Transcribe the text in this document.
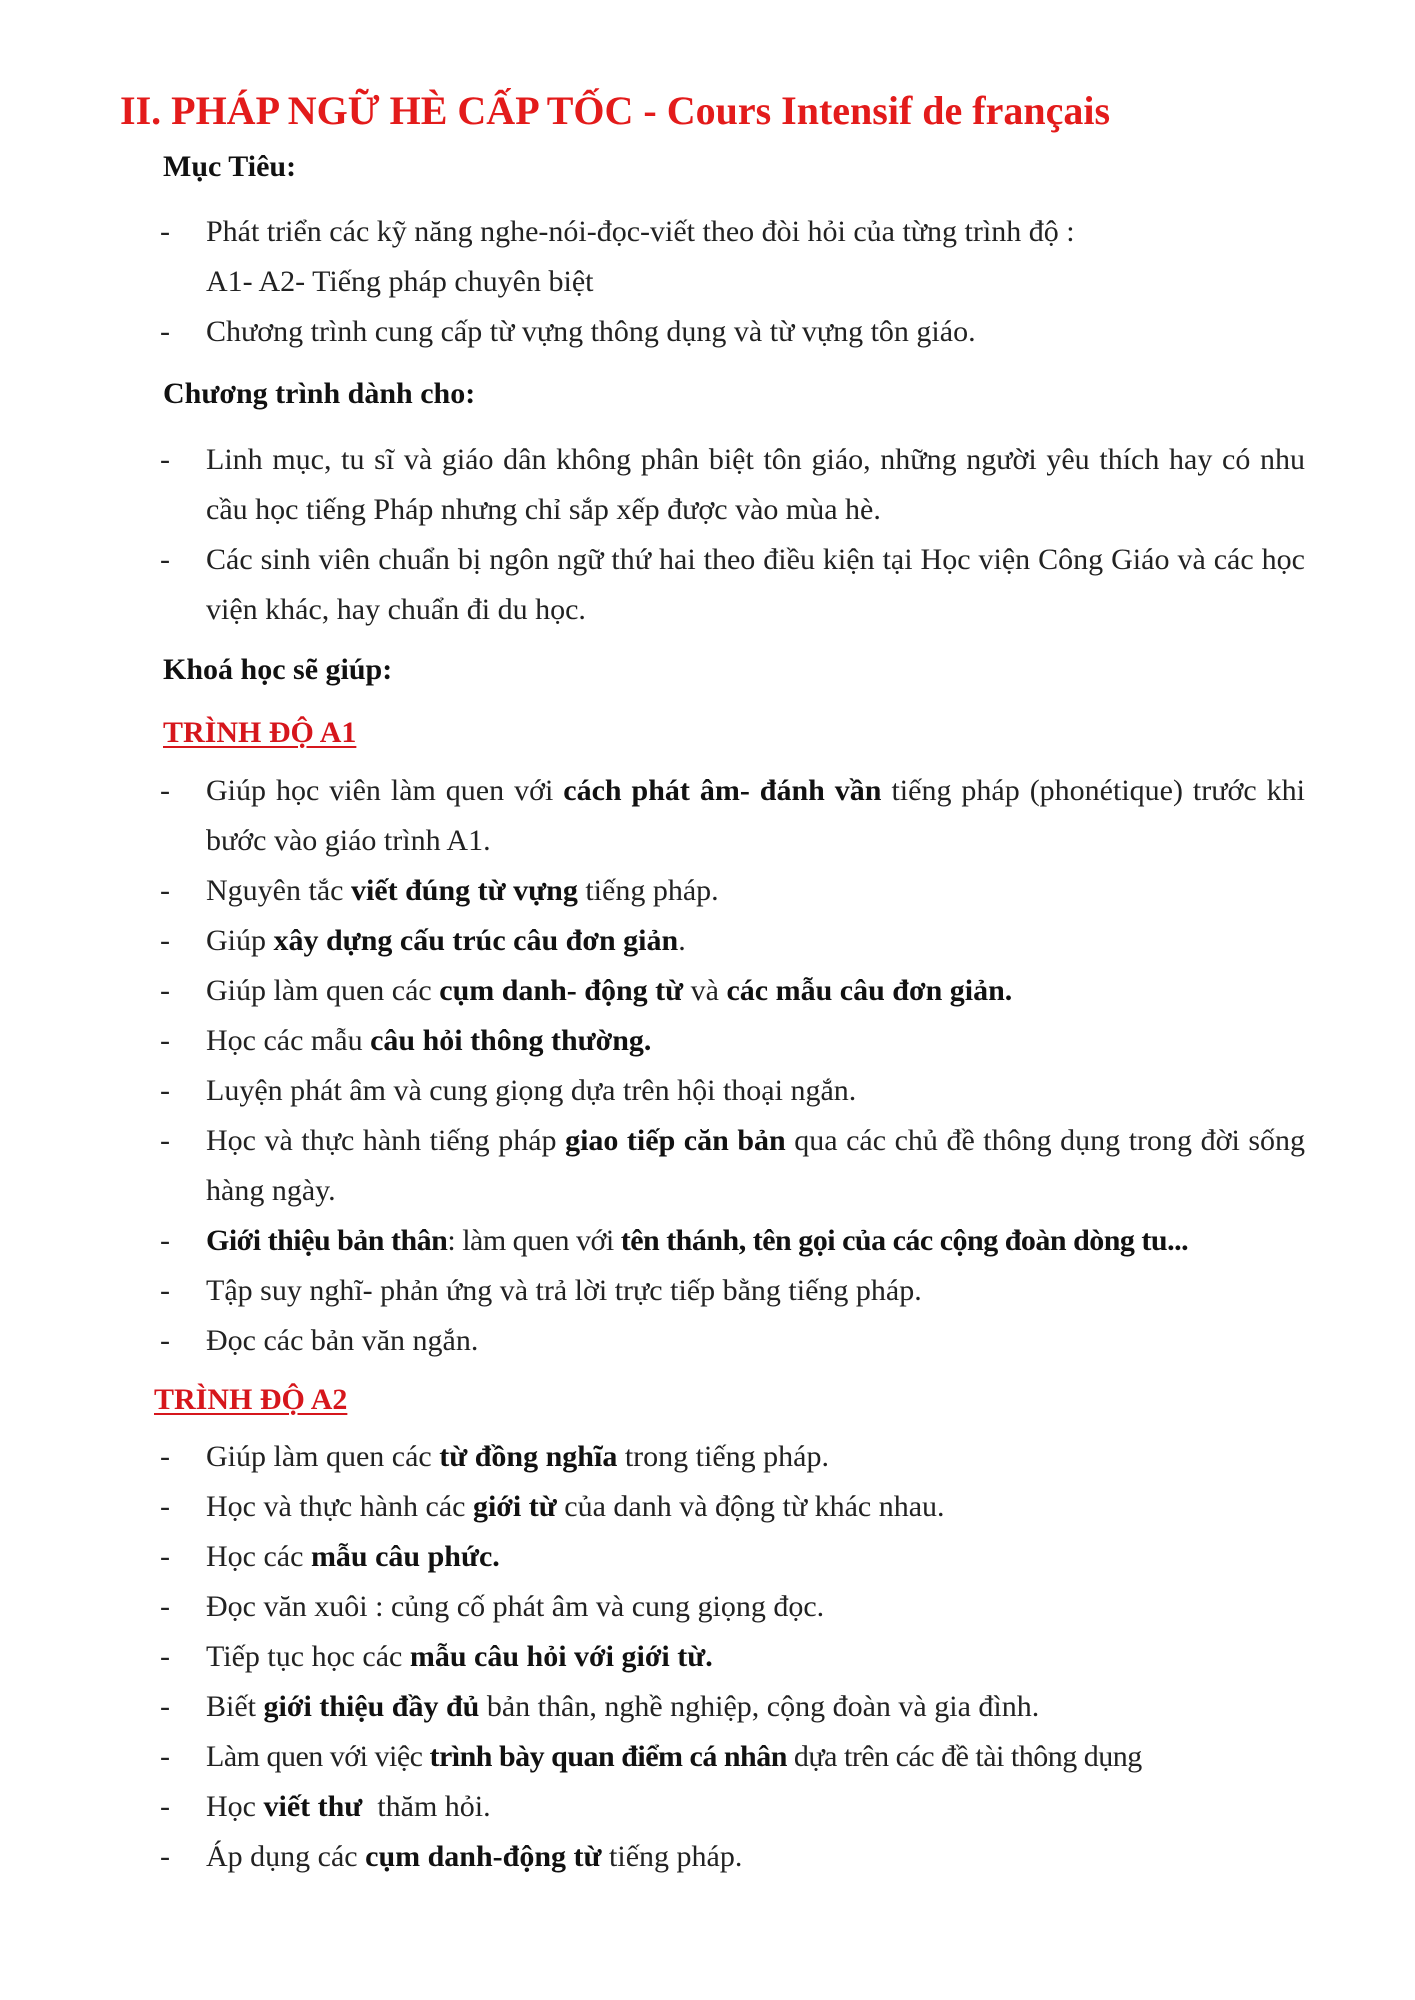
II. PHÁP NGỮ HÈ CẤP TỐC - Cours Intensif de français
Mục Tiêu:
- Phát triển các kỹ năng nghe-nói-đọc-viết theo đòi hỏi của từng trình độ :
A1- A2- Tiếng pháp chuyên biệt
- Chương trình cung cấp từ vựng thông dụng và từ vựng tôn giáo.
Chương trình dành cho:
- Linh mục, tu sĩ và giáo dân không phân biệt tôn giáo, những người yêu thích hay có nhu cầu học tiếng Pháp nhưng chỉ sắp xếp được vào mùa hè.
- Các sinh viên chuẩn bị ngôn ngữ thứ hai theo điều kiện tại Học viện Công Giáo và các học viện khác, hay chuẩn đi du học.
Khoá học sẽ giúp:
TRÌNH ĐỘ A1
- Giúp học viên làm quen với cách phát âm- đánh vần tiếng pháp (phonétique) trước khi bước vào giáo trình A1.
- Nguyên tắc viết đúng từ vựng tiếng pháp.
- Giúp xây dựng cấu trúc câu đơn giản.
- Giúp làm quen các cụm danh- động từ và các mẫu câu đơn giản.
- Học các mẫu câu hỏi thông thường.
- Luyện phát âm và cung giọng dựa trên hội thoại ngắn.
- Học và thực hành tiếng pháp giao tiếp căn bản qua các chủ đề thông dụng trong đời sống hàng ngày.
- Giới thiệu bản thân: làm quen với tên thánh, tên gọi của các cộng đoàn dòng tu...
- Tập suy nghĩ- phản ứng và trả lời trực tiếp bằng tiếng pháp.
- Đọc các bản văn ngắn.
TRÌNH ĐỘ A2
- Giúp làm quen các từ đồng nghĩa trong tiếng pháp.
- Học và thực hành các giới từ của danh và động từ khác nhau.
- Học các mẫu câu phức.
- Đọc văn xuôi : củng cố phát âm và cung giọng đọc.
- Tiếp tục học các mẫu câu hỏi với giới từ.
- Biết giới thiệu đầy đủ bản thân, nghề nghiệp, cộng đoàn và gia đình.
- Làm quen với việc trình bày quan điểm cá nhân dựa trên các đề tài thông dụng
- Học viết thư  thăm hỏi.
- Áp dụng các cụm danh-động từ tiếng pháp.
